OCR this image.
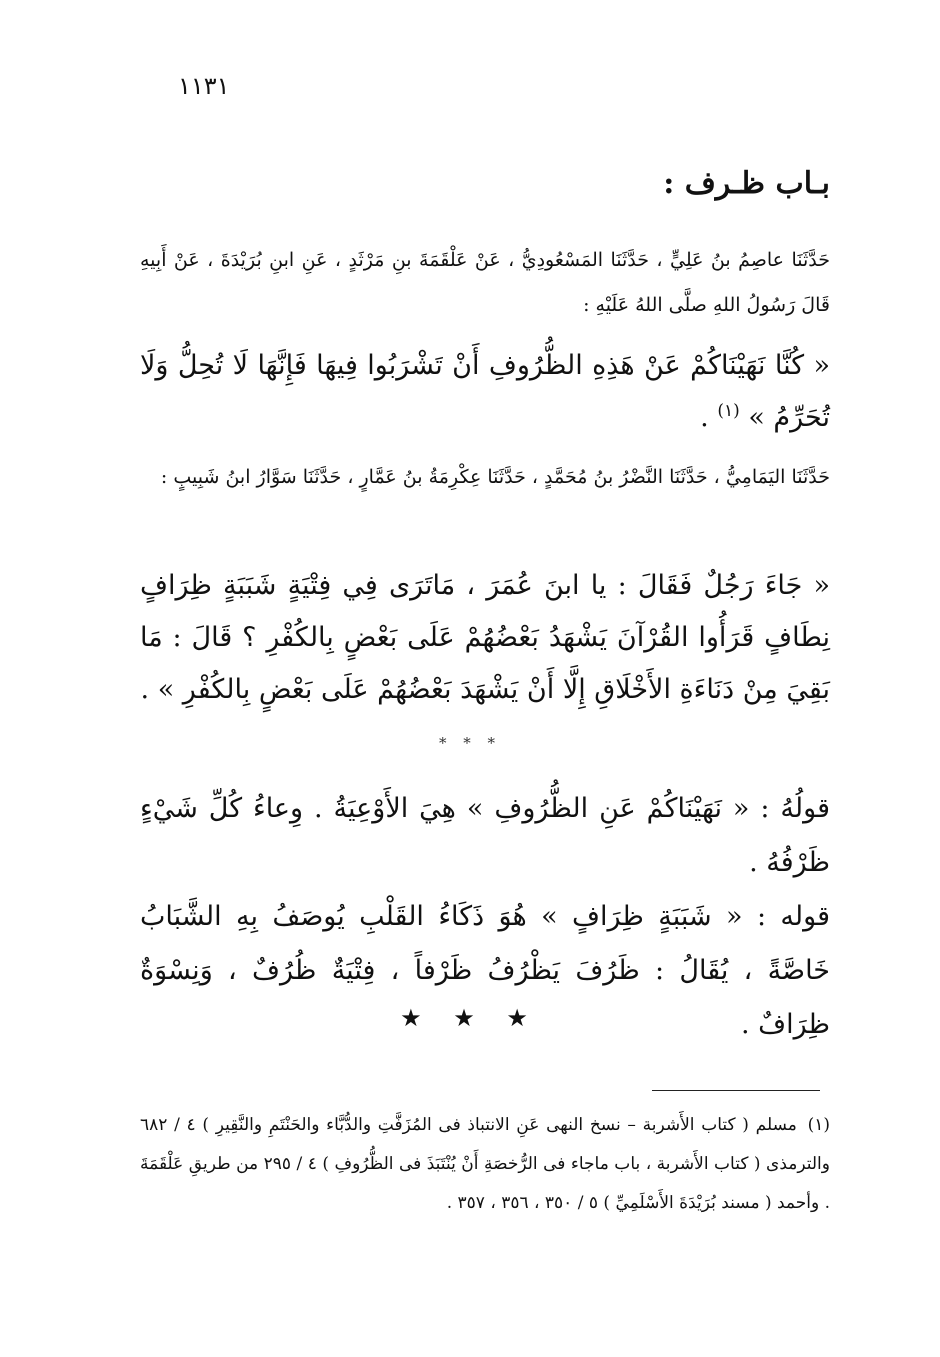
١١٣١
بـاب ظـرف :
حَدَّثَنَا عاصِمُ بنُ عَلِيٍّ ، حَدَّثَنَا المَسْعُودِيُّ ، عَنْ عَلْقَمَةَ بنِ مَرْثَدٍ ، عَنِ ابنِ بُرَيْدَةَ ، عَنْ أَبِيهِ قَالَ رَسُولُ اللهِ صلَّى اللهُ عَلَيْهِ :
« كُنَّا نَهَيْنَاكُمْ عَنْ هَذِهِ الظُّرُوفِ أَنْ تَشْرَبُوا فِيهَا فَإِنَّهَا لَا تُحِلُّ وَلَا تُحَرِّمُ » $^{(١)}$ .
حَدَّثَنَا اليَمَامِيُّ ، حَدَّثَنَا النَّضْرُ بنُ مُحَمَّدٍ ، حَدَّثَنَا عِكْرِمَةُ بنُ عَمَّارٍ ، حَدَّثَنَا سَوَّارُ ابنُ شَبِيبٍ :
« جَاءَ رَجُلٌ فَقَالَ : يا ابنَ عُمَرَ ، مَاتَرَى فِي فِتْيَةٍ شَبَبَةٍ ظِرَافٍ نِطَافٍ قَرَأُوا القُرْآنَ يَشْهَدُ بَعْضُهُمْ عَلَى بَعْضٍ بِالكُفْرِ ؟ قَالَ : مَا بَقِيَ مِنْ دَنَاءَةِ الأَخْلَاقِ إِلَّا أَنْ يَشْهَدَ بَعْضُهُمْ عَلَى بَعْضٍ بِالكُفْرِ » .
* * *
قولُهُ : « نَهَيْنَاكُمْ عَنِ الظُّرُوفِ » هِيَ الأَوْعِيَةُ . وِعاءُ كُلِّ شَيْءٍ ظَرْفُهُ .
قوله : « شَبَبَةٍ ظِرَافٍ » هُوَ ذَكَاءُ القَلْبِ يُوصَفُ بِهِ الشَّبَابُ خَاصَّةً ، يُقَالُ : ظَرُفَ يَظْرُفُ ظَرْفاً ، فِتْيَةٌ ظُرُفٌ ، وَنِسْوَةٌ ظِرَافٌ .
★ ★ ★
(١) مسلم ( كتاب الأَشربة – نسخ النهى عَنِ الانتباذ فى المُزَفَّتِ والدُّبَّاء والحَنْتَمِ والنَّقِيرِ ) ٤ / ٦٨٢ والترمذى ( كتاب الأَشربة ، باب ماجاء فى الرُّخصَةِ أَنْ يُنْتَبَذَ فى الظُّرُوفِ ) ٤ / ٢٩٥ من طريقِ عَلْقَمَةَ . وأحمد ( مسند بُرَيْدَةَ الأَسْلَمِيِّ ) ٥ / ٣٥٠ ، ٣٥٦ ، ٣٥٧ .
